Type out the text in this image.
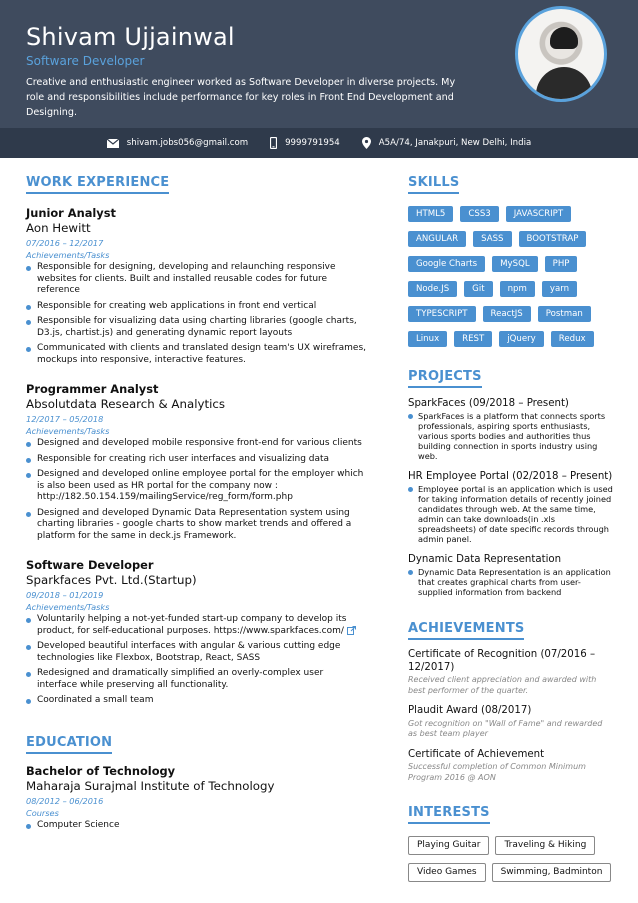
Shivam Ujjainwal
Software Developer
Creative and enthusiastic engineer worked as Software Developer in diverse projects. My role and responsibilities include performance for key roles in Front End Development and Designing.
shivam.jobs056@gmail.com	9999791954	A5A/74, Janakpuri, New Delhi, India
WORK EXPERIENCE
Junior Analyst
Aon Hewitt
07/2016 – 12/2017
Achievements/Tasks
Responsible for designing, developing and relaunching responsive websites for clients. Built and installed reusable codes for future reference
Responsible for creating web applications in front end vertical
Responsible for visualizing data using charting libraries (google charts, D3.js, chartist.js) and generating dynamic report layouts
Communicated with clients and translated design team's UX wireframes, mockups into responsive, interactive features.
Programmer Analyst
Absolutdata Research & Analytics
12/2017 – 05/2018
Achievements/Tasks
Designed and developed mobile responsive front-end for various clients
Responsible for creating rich user interfaces and visualizing data
Designed and developed online employee portal for the employer which is also been used as HR portal for the company now : http://182.50.154.159/mailingService/reg_form/form.php
Designed and developed Dynamic Data Representation system using charting libraries - google charts to show market trends and offered a platform for the same in deck.js Framework.
Software Developer
Sparkfaces Pvt. Ltd.(Startup)
09/2018 – 01/2019
Achievements/Tasks
Voluntarily helping a not-yet-funded start-up company to develop its product, for self-educational purposes. https://www.sparkfaces.com/
Developed beautiful interfaces with angular & various cutting edge technologies like Flexbox, Bootstrap, React, SASS
Redesigned and dramatically simplified an overly-complex user interface while preserving all functionality.
Coordinated a small team
EDUCATION
Bachelor of Technology
Maharaja Surajmal Institute of Technology
08/2012 – 06/2016
Courses
Computer Science
SKILLS
HTML5	CSS3	JAVASCRIPT
ANGULAR	SASS	BOOTSTRAP
Google Charts	MySQL	PHP
Node.JS	Git	npm	yarn
TYPESCRIPT	ReactJS	Postman
Linux	REST	jQuery	Redux
PROJECTS
SparkFaces (09/2018 – Present)
SparkFaces is a platform that connects sports professionals, aspiring sports enthusiasts, various sports bodies and authorities thus building connection in sports industry using web.
HR Employee Portal (02/2018 – Present)
Employee portal is an application which is used for taking information details of recently joined candidates through web. At the same time, admin can take downloads(in .xls spreadsheets) of date specific records through admin panel.
Dynamic Data Representation
Dynamic Data Representation is an application that creates graphical charts from user-supplied information from backend
ACHIEVEMENTS
Certificate of Recognition (07/2016 – 12/2017)
Received client appreciation and awarded with best performer of the quarter.
Plaudit Award (08/2017)
Got recognition on "Wall of Fame" and rewarded as best team player
Certificate of Achievement
Successful completion of Common Minimum Program 2016 @ AON
INTERESTS
Playing Guitar	Traveling & Hiking
Video Games	Swimming, Badminton
